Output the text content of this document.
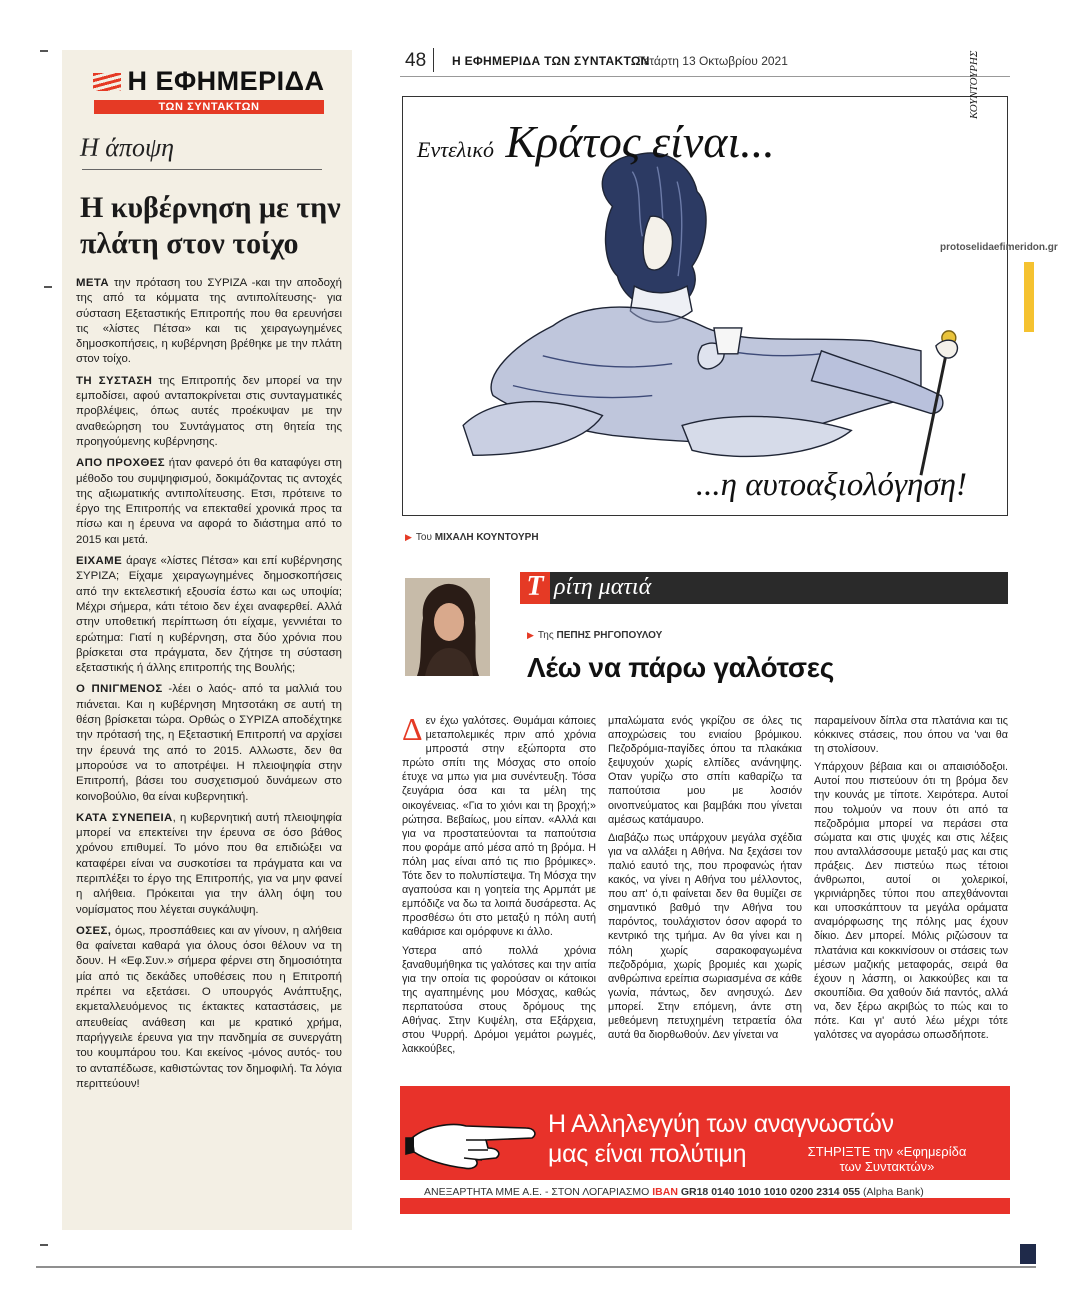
Η ΕΦΗΜΕΡΙΔΑ
ΤΩΝ ΣΥΝΤΑΚΤΩΝ
Η άποψη
Η κυβέρνηση με την πλάτη στον τοίχο

ΜΕΤΑ την πρόταση του ΣΥΡΙΖΑ -και την αποδοχή της από τα κόμματα της αντιπολίτευσης- για σύσταση Εξεταστικής Επιτροπής που θα ερευνήσει τις «λίστες Πέτσα» και τις χειραγωγημένες δημοσκοπήσεις, η κυβέρνηση βρέθηκε με την πλάτη στον τοίχο.

ΤΗ ΣΥΣΤΑΣΗ της Επιτροπής δεν μπορεί να την εμποδίσει, αφού ανταποκρίνεται στις συνταγματικές προβλέψεις, όπως αυτές προέκυψαν με την αναθεώρηση του Συντάγματος στη θητεία της προηγούμενης κυβέρνησης.

ΑΠΟ ΠΡΟΧΘΕΣ ήταν φανερό ότι θα καταφύγει στη μέθοδο του συμψηφισμού, δοκιμάζοντας τις αντοχές της αξιωματικής αντιπολίτευσης. Ετσι, πρότεινε το έργο της Επιτροπής να επεκταθεί χρονικά προς τα πίσω και η έρευνα να αφορά το διάστημα από το 2015 και μετά.

ΕΙΧΑΜΕ άραγε «λίστες Πέτσα» και επί κυβέρνησης ΣΥΡΙΖΑ; Είχαμε χειραγωγημένες δημοσκοπήσεις από την εκτελεστική εξουσία έστω και ως υποψία; Μέχρι σήμερα, κάτι τέτοιο δεν έχει αναφερθεί. Αλλά στην υποθετική περίπτωση ότι είχαμε, γεννιέται το ερώτημα: Γιατί η κυβέρνηση, στα δύο χρόνια που βρίσκεται στα πράγματα, δεν ζήτησε τη σύσταση εξεταστικής ή άλλης επιτροπής της Βουλής;

Ο ΠΝΙΓΜΕΝΟΣ -λέει ο λαός- από τα μαλλιά του πιάνεται. Και η κυβέρνηση Μητσοτάκη σε αυτή τη θέση βρίσκεται τώρα. Ορθώς ο ΣΥΡΙΖΑ αποδέχτηκε την πρότασή της, η Εξεταστική Επιτροπή να αρχίσει την έρευνά της από το 2015. Αλλωστε, δεν θα μπορούσε να το αποτρέψει. Η πλειοψηφία στην Επιτροπή, βάσει του συσχετισμού δυνάμεων στο κοινοβούλιο, θα είναι κυβερνητική.

ΚΑΤΑ ΣΥΝΕΠΕΙΑ, η κυβερνητική αυτή πλειοψηφία μπορεί να επεκτείνει την έρευνα σε όσο βάθος χρόνου επιθυμεί. Το μόνο που θα επιδιώξει να καταφέρει είναι να συσκοτίσει τα πράγματα και να περιπλέξει το έργο της Επιτροπής, για να μην φανεί η αλήθεια. Πρόκειται για την άλλη όψη του νομίσματος που λέγεται συγκάλυψη.

ΟΣΕΣ, όμως, προσπάθειες και αν γίνουν, η αλήθεια θα φαίνεται καθαρά για όλους όσοι θέλουν να τη δουν. Η «Εφ.Συν.» σήμερα φέρνει στη δημοσιότητα μία από τις δεκάδες υποθέσεις που η Επιτροπή πρέπει να εξετάσει. Ο υπουργός Ανάπτυξης, εκμεταλλευόμενος τις έκτακτες καταστάσεις, με απευθείας ανάθεση και με κρατικό χρήμα, παρήγγειλε έρευνα για την πανδημία σε συνεργάτη του κουμπάρου του. Και εκείνος -μόνος αυτός- του το ανταπέδωσε, καθιστώντας τον δημοφιλή. Τα λόγια περιττεύουν!

48 Η ΕΦΗΜΕΡΙΔΑ ΤΩΝ ΣΥΝΤΑΚΤΩΝ
Τετάρτη 13 Οκτωβρίου 2021
Εντελικό Κράτος είναι...
...η αυτοαξιολόγηση!
ΚΟΥΝΤΟΥΡΗΣ
▶ Του ΜΙΧΑΛΗ ΚΟΥΝΤΟΥΡΗ
protoselidaefimeridon.gr
Τ ρίτη ματιά
▶ Της ΠΕΠΗΣ ΡΗΓΟΠΟΥΛΟΥ
Λέω να πάρω γαλότσες

Δεν έχω γαλότσες. Θυμάμαι κάποιες μεταπολεμικές πριν από χρόνια μπροστά στην εξώπορτα στο πρώτο σπίτι της Μόσχας στο οποίο έτυχε να μπω για μια συνέντευξη. Τόσα ζευγάρια όσα και τα μέλη της οικογένειας. «Για το χιόνι και τη βροχή;» ρώτησα. Βεβαίως, μου είπαν. «Αλλά και για να προστατεύονται τα παπούτσια που φοράμε από μέσα από τη βρόμα. Η πόλη μας είναι από τις πιο βρόμικες». Τότε δεν το πολυπίστεψα. Τη Μόσχα την αγαπούσα και η γοητεία της Αρμπάτ με εμπόδιζε να δω τα λοιπά δυσάρεστα. Ας προσθέσω ότι στο μεταξύ η πόλη αυτή καθάρισε και ομόρφυνε κι άλλο.

Υστερα από πολλά χρόνια ξαναθυμήθηκα τις γαλότσες και την αιτία για την οποία τις φορούσαν οι κάτοικοι της αγαπημένης μου Μόσχας, καθώς περπατούσα στους δρόμους της Αθήνας. Στην Κυψέλη, στα Εξάρχεια, στου Ψυρρή. Δρόμοι γεμάτοι ρωγμές, λακκούβες,

μπαλώματα ενός γκρίζου σε όλες τις αποχρώσεις του ενιαίου βρόμικου. Πεζοδρόμια-παγίδες όπου τα πλακάκια ξεψυχούν χωρίς ελπίδες ανάνηψης. Οταν γυρίζω στο σπίτι καθαρίζω τα παπούτσια μου με λοσιόν οινοπνεύματος και βαμβάκι που γίνεται αμέσως κατάμαυρο.

Διαβάζω πως υπάρχουν μεγάλα σχέδια για να αλλάξει η Αθήνα. Να ξεχάσει τον παλιό εαυτό της, που προφανώς ήταν κακός, να γίνει η Αθήνα του μέλλοντος, που απ' ό,τι φαίνεται δεν θα θυμίζει σε σημαντικό βαθμό την Αθήνα του παρόντος, τουλάχιστον όσον αφορά το κεντρικό της τμήμα. Αν θα γίνει και η πόλη χωρίς σαρακοφαγωμένα πεζοδρόμια, χωρίς βρομιές και χωρίς ανθρώπινα ερείπια σωριασμένα σε κάθε γωνία, πάντως, δεν ανησυχώ. Δεν μπορεί. Στην επόμενη, άντε στη μεθεόμενη πετυχημένη τετραετία όλα αυτά θα διορθωθούν. Δεν γίνεται να

παραμείνουν δίπλα στα πλατάνια και τις κόκκινες στάσεις, που όπου να 'ναι θα τη στολίσουν.

Υπάρχουν βέβαια και οι απαισιόδοξοι. Αυτοί που πιστεύουν ότι τη βρόμα δεν την κουνάς με τίποτε. Χειρότερα. Αυτοί που τολμούν να πουν ότι από τα πεζοδρόμια μπορεί να περάσει στα σώματα και στις ψυχές και στις λέξεις που ανταλλάσσουμε μεταξύ μας και στις πράξεις. Δεν πιστεύω πως τέτοιοι άνθρωποι, αυτοί οι χολερικοί, γκρινιάρηδες τύποι που απεχθάνονται και υποσκάπτουν τα μεγάλα οράματα αναμόρφωσης της πόλης μας έχουν δίκιο. Δεν μπορεί. Μόλις ριζώσουν τα πλατάνια και κοκκινίσουν οι στάσεις των μέσων μαζικής μεταφοράς, σειρά θα έχουν η λάσπη, οι λακκούβες και τα σκουπίδια. Θα χαθούν διά παντός, αλλά να, δεν ξέρω ακριβώς το πώς και το πότε. Και γι' αυτό λέω μέχρι τότε γαλότσες να αγοράσω οπωσδήποτε.

Η Αλληλεγγύη των αναγνωστών
μας είναι πολύτιμη	ΣΤΗΡΙΞΤΕ την «Εφημερίδα
των Συντακτών»
ΑΝΕΞΑΡΤΗΤΑ ΜΜΕ Α.Ε. - ΣΤΟΝ ΛΟΓΑΡΙΑΣΜΟ IBAN GR18 0140 1010 1010 0200 2314 055 (Alpha Bank)
